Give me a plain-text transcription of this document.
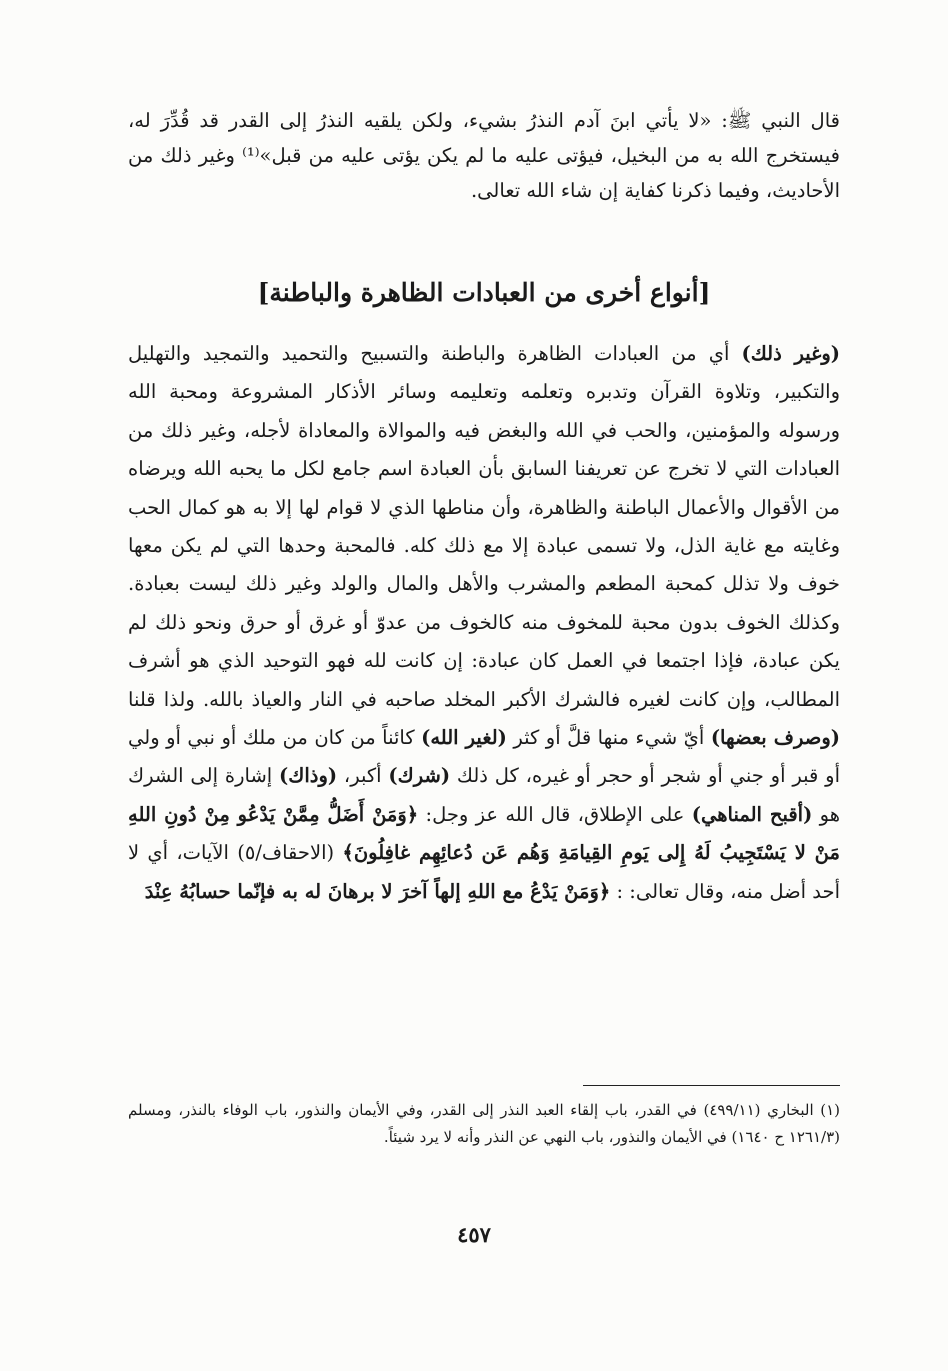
قال النبي ﷺ: «لا يأتي ابنَ آدم النذرُ بشيء، ولكن يلقيه النذرُ إلى القدر قد قُدِّرَ له، فيستخرج الله به من البخيل، فيؤتى عليه ما لم يكن يؤتى عليه من قبل»⁽¹⁾ وغير ذلك من الأحاديث، وفيما ذكرنا كفاية إن شاء الله تعالى.

[أنواع أخرى من العبادات الظاهرة والباطنة]

(وغير ذلك) أي من العبادات الظاهرة والباطنة والتسبيح والتحميد والتمجيد والتهليل والتكبير، وتلاوة القرآن وتدبره وتعلمه وتعليمه وسائر الأذكار المشروعة ومحبة الله ورسوله والمؤمنين، والحب في الله والبغض فيه والموالاة والمعاداة لأجله، وغير ذلك من العبادات التي لا تخرج عن تعريفنا السابق بأن العبادة اسم جامع لكل ما يحبه الله ويرضاه من الأقوال والأعمال الباطنة والظاهرة، وأن مناطها الذي لا قوام لها إلا به هو كمال الحب وغايته مع غاية الذل، ولا تسمى عبادة إلا مع ذلك كله. فالمحبة وحدها التي لم يكن معها خوف ولا تذلل كمحبة المطعم والمشرب والأهل والمال والولد وغير ذلك ليست بعبادة. وكذلك الخوف بدون محبة للمخوف منه كالخوف من عدوّ أو غرق أو حرق ونحو ذلك لم يكن عبادة، فإذا اجتمعا في العمل كان عبادة: إن كانت لله فهو التوحيد الذي هو أشرف المطالب، وإن كانت لغيره فالشرك الأكبر المخلد صاحبه في النار والعياذ بالله. ولذا قلنا (وصرف بعضها) أيّ شيء منها قلَّ أو كثر (لغير الله) كائناً من كان من ملك أو نبي أو ولي أو قبر أو جني أو شجر أو حجر أو غيره، كل ذلك (شرك) أكبر، (وذاك) إشارة إلى الشرك هو (أقبح المناهي) على الإطلاق، قال الله عز وجل: ﴿وَمَنْ أَضَلُّ مِمَّنْ يَدْعُو مِنْ دُونِ اللهِ مَنْ لا يَسْتَجِيبُ لَهُ إِلى يَومِ القِيامَةِ وَهُم عَن دُعائِهِم غافِلُونَ﴾ (الاحقاف/٥) الآيات، أي لا أحد أضل منه، وقال تعالى: : ﴿وَمَنْ يَدْعُ مع اللهِ إلهاً آخرَ لا برهانَ له به فإنّما حسابُهُ عِنْدَ

(١) البخاري (٤٩٩/١١) في القدر، باب إلقاء العبد النذر إلى القدر، وفي الأيمان والنذور، باب الوفاء بالنذر، ومسلم (١٢٦١/٣ ح ١٦٤٠) في الأيمان والنذور، باب النهي عن النذر وأنه لا يرد شيئاً.

٤٥٧
